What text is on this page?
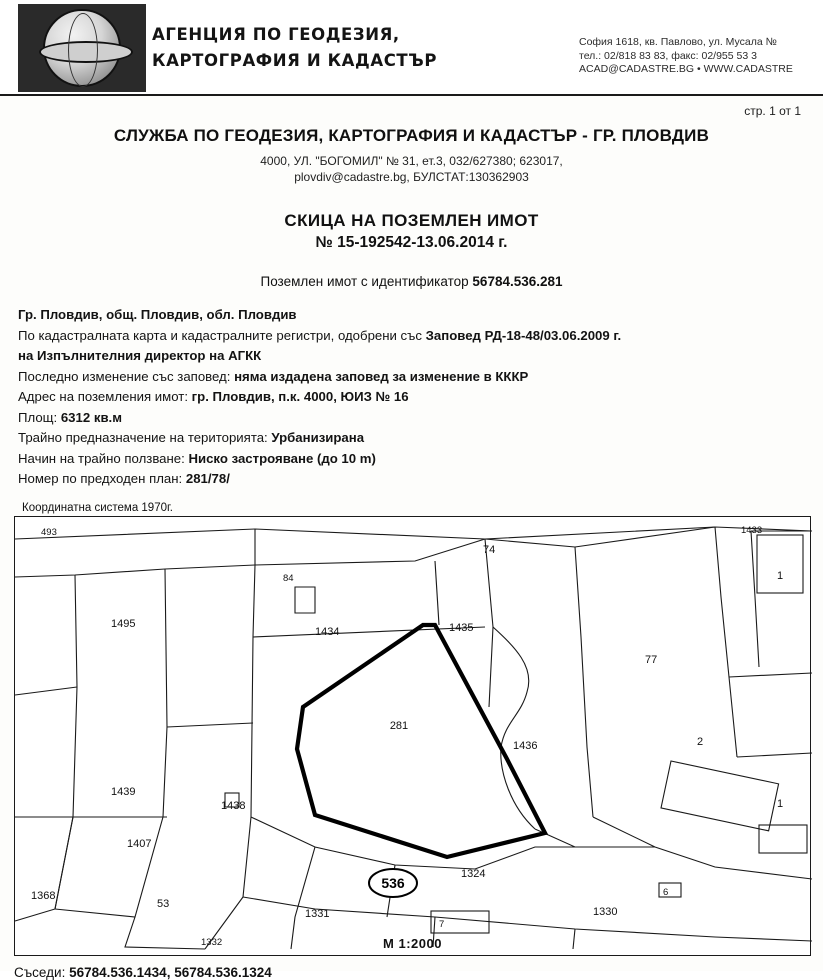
АГЕНЦИЯ ПО ГЕОДЕЗИЯ,
КАРТОГРАФИЯ И КАДАСТЪР
София 1618, кв. Павлово, ул. Мусала №
тел.: 02/818 83 83, факс: 02/955 53 3
ACAD@CADASTRE.BG • WWW.CADASTRE
стр. 1 от 1
СЛУЖБА ПО ГЕОДЕЗИЯ, КАРТОГРАФИЯ И КАДАСТЪР - ГР. ПЛОВДИВ
4000, УЛ. "БОГОМИЛ" № 31, ет.3, 032/627380; 623017,
plovdiv@cadastre.bg, БУЛСТАТ:130362903
СКИЦА НА ПОЗЕМЛЕН ИМОТ
№ 15-192542-13.06.2014 г.
Поземлен имот с идентификатор 56784.536.281
Гр. Пловдив, общ. Пловдив, обл. Пловдив
По кадастралната карта и кадастралните регистри, одобрени със Заповед РД-18-48/03.06.2009 г.
на Изпълнителния директор на АГКК
Последно изменение със заповед: няма издадена заповед за изменение в КККР
Адрес на поземления имот: гр. Пловдив, п.к. 4000, ЮИЗ № 16
Площ: 6312 кв.м
Трайно предназначение на територията: Урбанизирана
Начин на трайно ползване: Ниско застрояване (до 10 m)
Номер по предходен план: 281/78/
Координатна система 1970г.
493	1433
74
1
1495
1434	1435
77
1436	2
1439
1438	1
1407
1324
1368
53
1331	1330
1332
84
7
6
281
536
М 1:2000
Съседи: 56784.536.1434, 56784.536.1324
